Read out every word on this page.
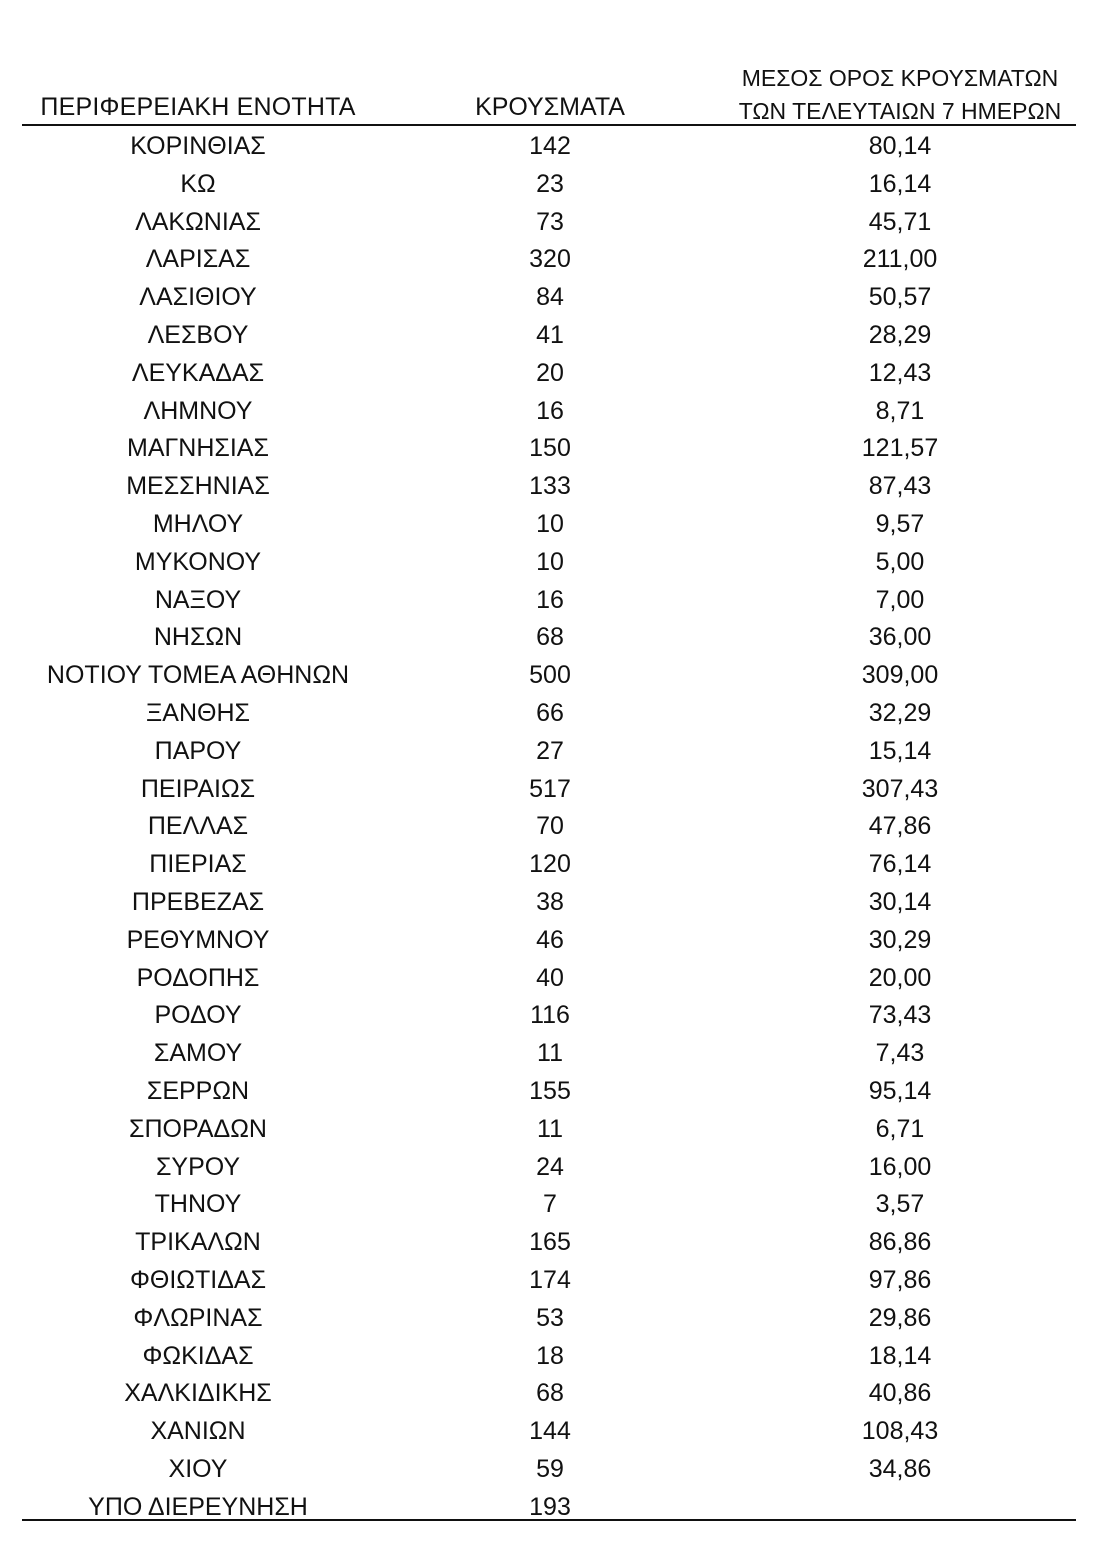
ΠΕΡΙΦΕΡΕΙΑΚΗ ΕΝΟΤΗΤΑ	ΚΡΟΥΣΜΑΤΑ
ΜΕΣΟΣ ΟΡΟΣ ΚΡΟΥΣΜΑΤΩΝ
ΤΩΝ ΤΕΛΕΥΤΑΙΩΝ 7 ΗΜΕΡΩΝ
ΚΟΡΙΝΘΙΑΣ	142	80,14
ΚΩ	23	16,14
ΛΑΚΩΝΙΑΣ	73	45,71
ΛΑΡΙΣΑΣ	320	211,00
ΛΑΣΙΘΙΟΥ	84	50,57
ΛΕΣΒΟΥ	41	28,29
ΛΕΥΚΑΔΑΣ	20	12,43
ΛΗΜΝΟΥ	16	8,71
ΜΑΓΝΗΣΙΑΣ	150	121,57
ΜΕΣΣΗΝΙΑΣ	133	87,43
ΜΗΛΟΥ	10	9,57
ΜΥΚΟΝΟΥ	10	5,00
ΝΑΞΟΥ	16	7,00
ΝΗΣΩΝ	68	36,00
ΝΟΤΙΟΥ ΤΟΜΕΑ ΑΘΗΝΩΝ	500	309,00
ΞΑΝΘΗΣ	66	32,29
ΠΑΡΟΥ	27	15,14
ΠΕΙΡΑΙΩΣ	517	307,43
ΠΕΛΛΑΣ	70	47,86
ΠΙΕΡΙΑΣ	120	76,14
ΠΡΕΒΕΖΑΣ	38	30,14
ΡΕΘΥΜΝΟΥ	46	30,29
ΡΟΔΟΠΗΣ	40	20,00
ΡΟΔΟΥ	116	73,43
ΣΑΜΟΥ	11	7,43
ΣΕΡΡΩΝ	155	95,14
ΣΠΟΡΑΔΩΝ	11	6,71
ΣΥΡΟΥ	24	16,00
ΤΗΝΟΥ	7	3,57
ΤΡΙΚΑΛΩΝ	165	86,86
ΦΘΙΩΤΙΔΑΣ	174	97,86
ΦΛΩΡΙΝΑΣ	53	29,86
ΦΩΚΙΔΑΣ	18	18,14
ΧΑΛΚΙΔΙΚΗΣ	68	40,86
ΧΑΝΙΩΝ	144	108,43
ΧΙΟΥ	59	34,86
ΥΠΟ ΔΙΕΡΕΥΝΗΣΗ	193
